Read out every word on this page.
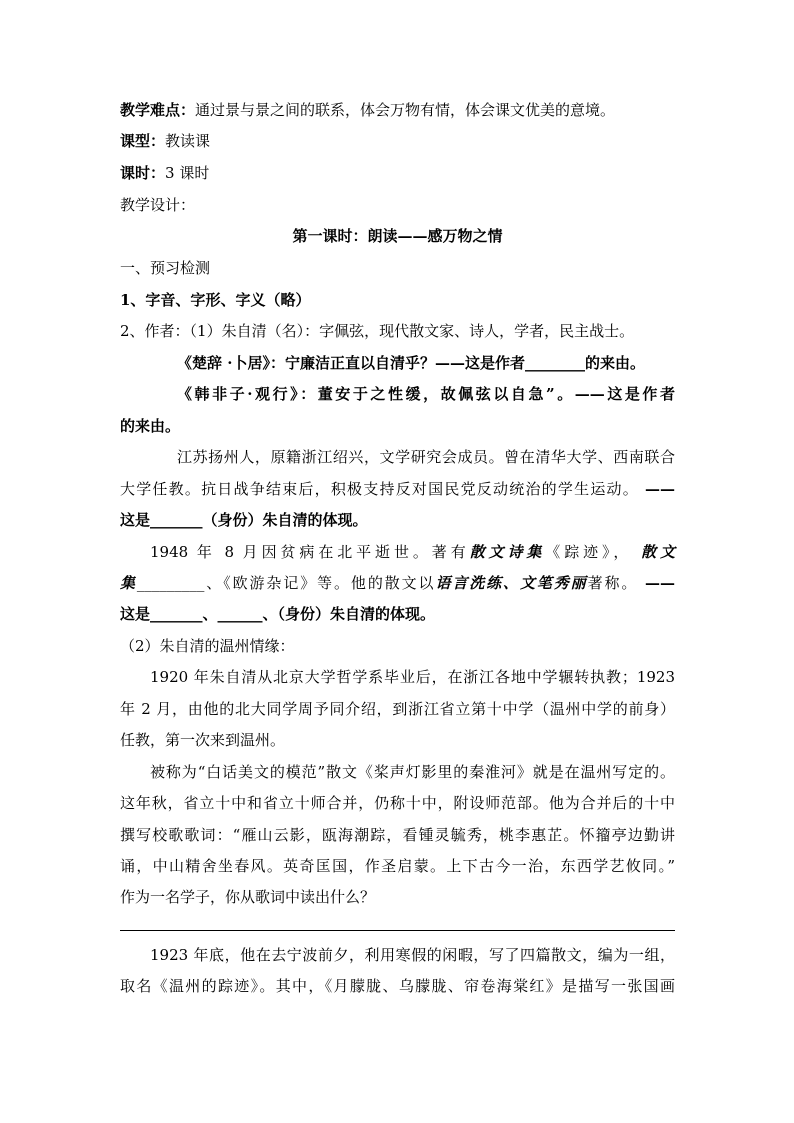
教学难点：通过景与景之间的联系，体会万物有情，体会课文优美的意境。
课型：教读课
课时：3 课时
教学设计：
第一课时：朗读——感万物之情
一、预习检测
1、字音、字形、字义（略）
2、作者：（1）朱自清（名）：字佩弦，现代散文家、诗人，学者，民主战士。
《楚辞 ·卜居》：宁廉洁正直以自清乎？——这是作者________的来由。
《韩非子·观行》：董安于之性缓，故佩弦以自急”。——这是作者
的来由。
江苏扬州人，原籍浙江绍兴，文学研究会成员。曾在清华大学、西南联合
大学任教。抗日战争结束后，积极支持反对国民党反动统治的学生运动。 ——
这是_______（身份）朱自清的体现。
1948 年 8 月因贫病在北平逝世。著有散文诗集《踪迹》， 散文
集_________、《欧游杂记》等。他的散文以语言洗练、文笔秀丽著称。 ——
这是_______、______、（身份）朱自清的体现。
（2）朱自清的温州情缘：
1920 年朱自清从北京大学哲学系毕业后，在浙江各地中学辗转执教；1923
年 2 月，由他的北大同学周予同介绍，到浙江省立第十中学（温州中学的前身）
任教，第一次来到温州。
被称为“白话美文的模范”散文《桨声灯影里的秦淮河》就是在温州写定的。
这年秋，省立十中和省立十师合并，仍称十中，附设师范部。他为合并后的十中
撰写校歌歌词：“雁山云影，瓯海潮踪，看锺灵毓秀，桃李惠芷。怀籀亭边勤讲
诵，中山精舍坐春风。英奇匡国，作圣启蒙。上下古今一治，东西学艺攸同。”
作为一名学子，你从歌词中读出什么？
1923 年底，他在去宁波前夕，利用寒假的闲暇，写了四篇散文，编为一组，
取名《温州的踪迹》。其中，《月朦胧、乌朦胧、帘卷海棠红》是描写一张国画
